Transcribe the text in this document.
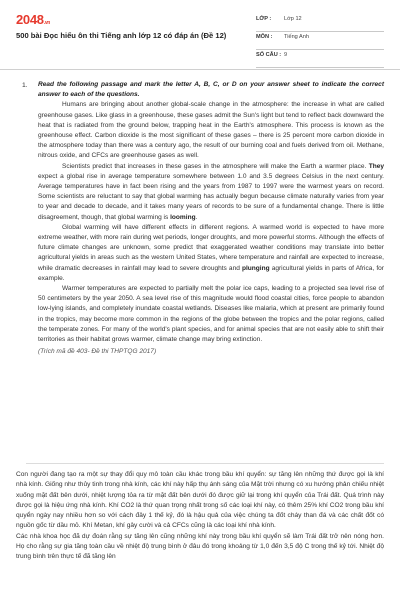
2048.vn
500 bài Đọc hiểu ôn thi Tiếng anh lớp 12 có đáp án (Đề 12)
LỚP :	Lớp 12
MÔN :	Tiếng Anh
SỐ CÂU : 9
1. Read the following passage and mark the letter A, B, C, or D on your answer sheet to indicate the correct answer to each of the questions.

Humans are bringing about another global-scale change in the atmosphere: the increase in what are called greenhouse gases. Like glass in a greenhouse, these gases admit the Sun's light but tend to reflect back downward the heat that is radiated from the ground below, trapping heat in the Earth's atmosphere. This process is known as the greenhouse effect. Carbon dioxide is the most significant of these gases – there is 25 percent more carbon dioxide in the atmosphere today than there was a century ago, the result of our burning coal and fuels derived from oil. Methane, nitrous oxide, and CFCs are greenhouse gases as well.

Scientists predict that increases in these gases in the atmosphere will make the Earth a warmer place. They expect a global rise in average temperature somewhere between 1.0 and 3.5 degrees Celsius in the next century. Average temperatures have in fact been rising and the years from 1987 to 1997 were the warmest years on record. Some scientists are reluctant to say that global warming has actually begun because climate naturally varies from year to year and decade to decade, and it takes many years of records to be sure of a fundamental change. There is little disagreement, though, that global warming is looming.

Global warming will have different effects in different regions. A warmed world is expected to have more extreme weather, with more rain during wet periods, longer droughts, and more powerful storms. Although the effects of future climate changes are unknown, some predict that exaggerated weather conditions may translate into better agricultural yields in areas such as the western United States, where temperature and rainfall are expected to increase, while dramatic decreases in rainfall may lead to severe droughts and plunging agricultural yields in parts of Africa, for example.

Warmer temperatures are expected to partially melt the polar ice caps, leading to a projected sea level rise of 50 centimeters by the year 2050. A sea level rise of this magnitude would flood coastal cities, force people to abandon low-lying islands, and completely inundate coastal wetlands. Diseases like malaria, which at present are primarily found in the tropics, may become more common in the regions of the globe between the tropics and the polar regions, called the temperate zones. For many of the world's plant species, and for animal species that are not easily able to shift their territories as their habitat grows warmer, climate change may bring extinction.

(Trích mã đề 403- Đề thi THPTQG 2017)

Con người đang tạo ra một sự thay đổi quy mô toàn cầu khác trong bầu khí quyển: sự tăng lên những thứ được gọi là khí nhà kính. Giống như thủy tinh trong nhà kính, các khí này hấp thụ ánh sáng của Mặt trời nhưng có xu hướng phản chiếu nhiệt xuống mặt đất bên dưới, nhiệt lượng tỏa ra từ mặt đất bên dưới đó được giữ lại trong khí quyển của Trái đất. Quá trình này được gọi là hiệu ứng nhà kính. Khí CO2 là thứ quan trọng nhất trong số các loại khí này, có thêm 25% khí CO2 trong bầu khí quyển ngày nay nhiều hơn so với cách đây 1 thế kỷ, đó là hậu quả của việc chúng ta đốt cháy than đá và các chất đốt có nguồn gốc từ dầu mỏ. Khí Metan, khí gây cười và cả CFCs cũng là các loại khí nhà kính.

Các nhà khoa học đã dự đoán rằng sự tăng lên cũng những khí này trong bầu khí quyển sẽ làm Trái đất trở nên nóng hơn. Họ cho rằng sự gia tăng toàn cầu về nhiệt độ trung bình ở đâu đó trong khoảng từ 1,0 đến 3,5 độ C trong thế kỷ tới. Nhiệt độ trung bình trên thực tế đã tăng lên
